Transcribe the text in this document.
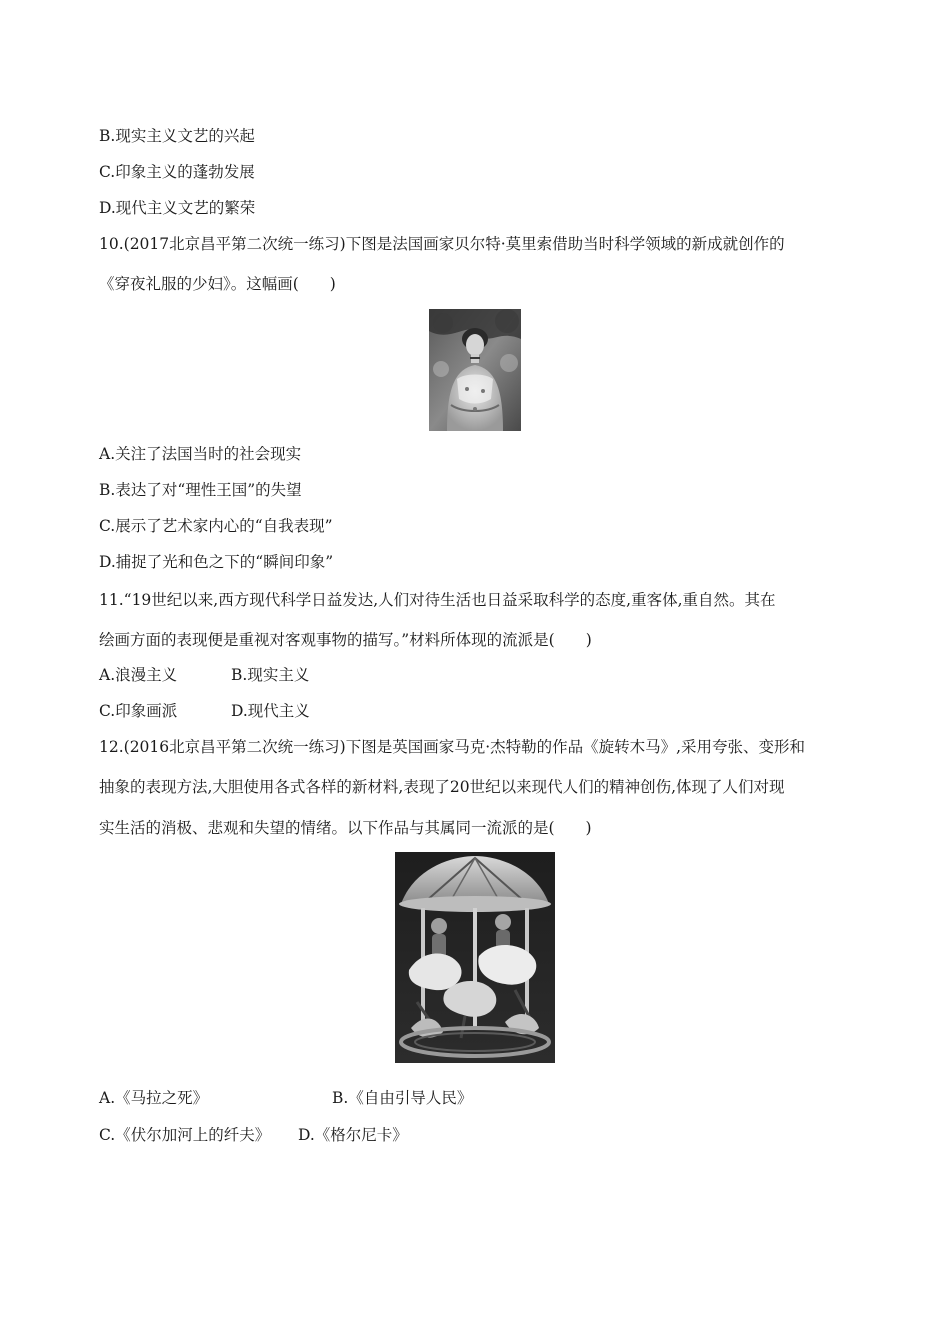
B.现实主义文艺的兴起
C.印象主义的蓬勃发展
D.现代主义文艺的繁荣
10.(2017北京昌平第二次统一练习)下图是法国画家贝尔特·莫里索借助当时科学领域的新成就创作的
《穿夜礼服的少妇》。这幅画(　　)
A.关注了法国当时的社会现实
B.表达了对“理性王国”的失望
C.展示了艺术家内心的“自我表现”
D.捕捉了光和色之下的“瞬间印象”
11.“19世纪以来,西方现代科学日益发达,人们对待生活也日益采取科学的态度,重客体,重自然。其在
绘画方面的表现便是重视对客观事物的描写。”材料所体现的流派是(　　)
A.浪漫主义	B.现实主义
C.印象画派	D.现代主义
12.(2016北京昌平第二次统一练习)下图是英国画家马克·杰特勒的作品《旋转木马》,采用夸张、变形和
抽象的表现方法,大胆使用各式各样的新材料,表现了20世纪以来现代人们的精神创伤,体现了人们对现
实生活的消极、悲观和失望的情绪。以下作品与其属同一流派的是(　　)
A.《马拉之死》	B.《自由引导人民》
C.《伏尔加河上的纤夫》 D.《格尔尼卡》
